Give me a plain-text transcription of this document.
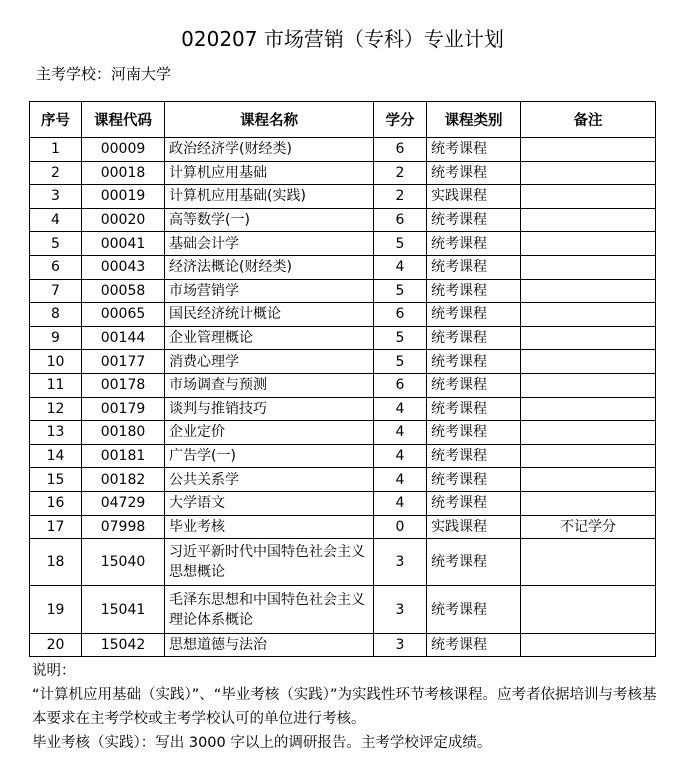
020207 市场营销（专科）专业计划
主考学校：河南大学
序号	课程代码	课程名称	学分	课程类别	备注
1	00009	政治经济学(财经类)	6	统考课程	
2	00018	计算机应用基础	2	统考课程	
3	00019	计算机应用基础(实践)	2	实践课程	
4	00020	高等数学(一)	6	统考课程	
5	00041	基础会计学	5	统考课程	
6	00043	经济法概论(财经类)	4	统考课程	
7	00058	市场营销学	5	统考课程	
8	00065	国民经济统计概论	6	统考课程	
9	00144	企业管理概论	5	统考课程	
10	00177	消费心理学	5	统考课程	
11	00178	市场调查与预测	6	统考课程	
12	00179	谈判与推销技巧	4	统考课程	
13	00180	企业定价	4	统考课程	
14	00181	广告学(一)	4	统考课程	
15	00182	公共关系学	4	统考课程	
16	04729	大学语文	4	统考课程	
17	07998	毕业考核	0	实践课程	不记学分
18	15040	习近平新时代中国特色社会主义思想概论	3	统考课程	
19	15041	毛泽东思想和中国特色社会主义理论体系概论	3	统考课程	
20	15042	思想道德与法治	3	统考课程	

说明：

“计算机应用基础（实践）”、“毕业考核（实践）”为实践性环节考核课程。应考者依据培训与考核基本要求在主考学校或主考学校认可的单位进行考核。

毕业考核（实践）：写出 3000 字以上的调研报告。主考学校评定成绩。
